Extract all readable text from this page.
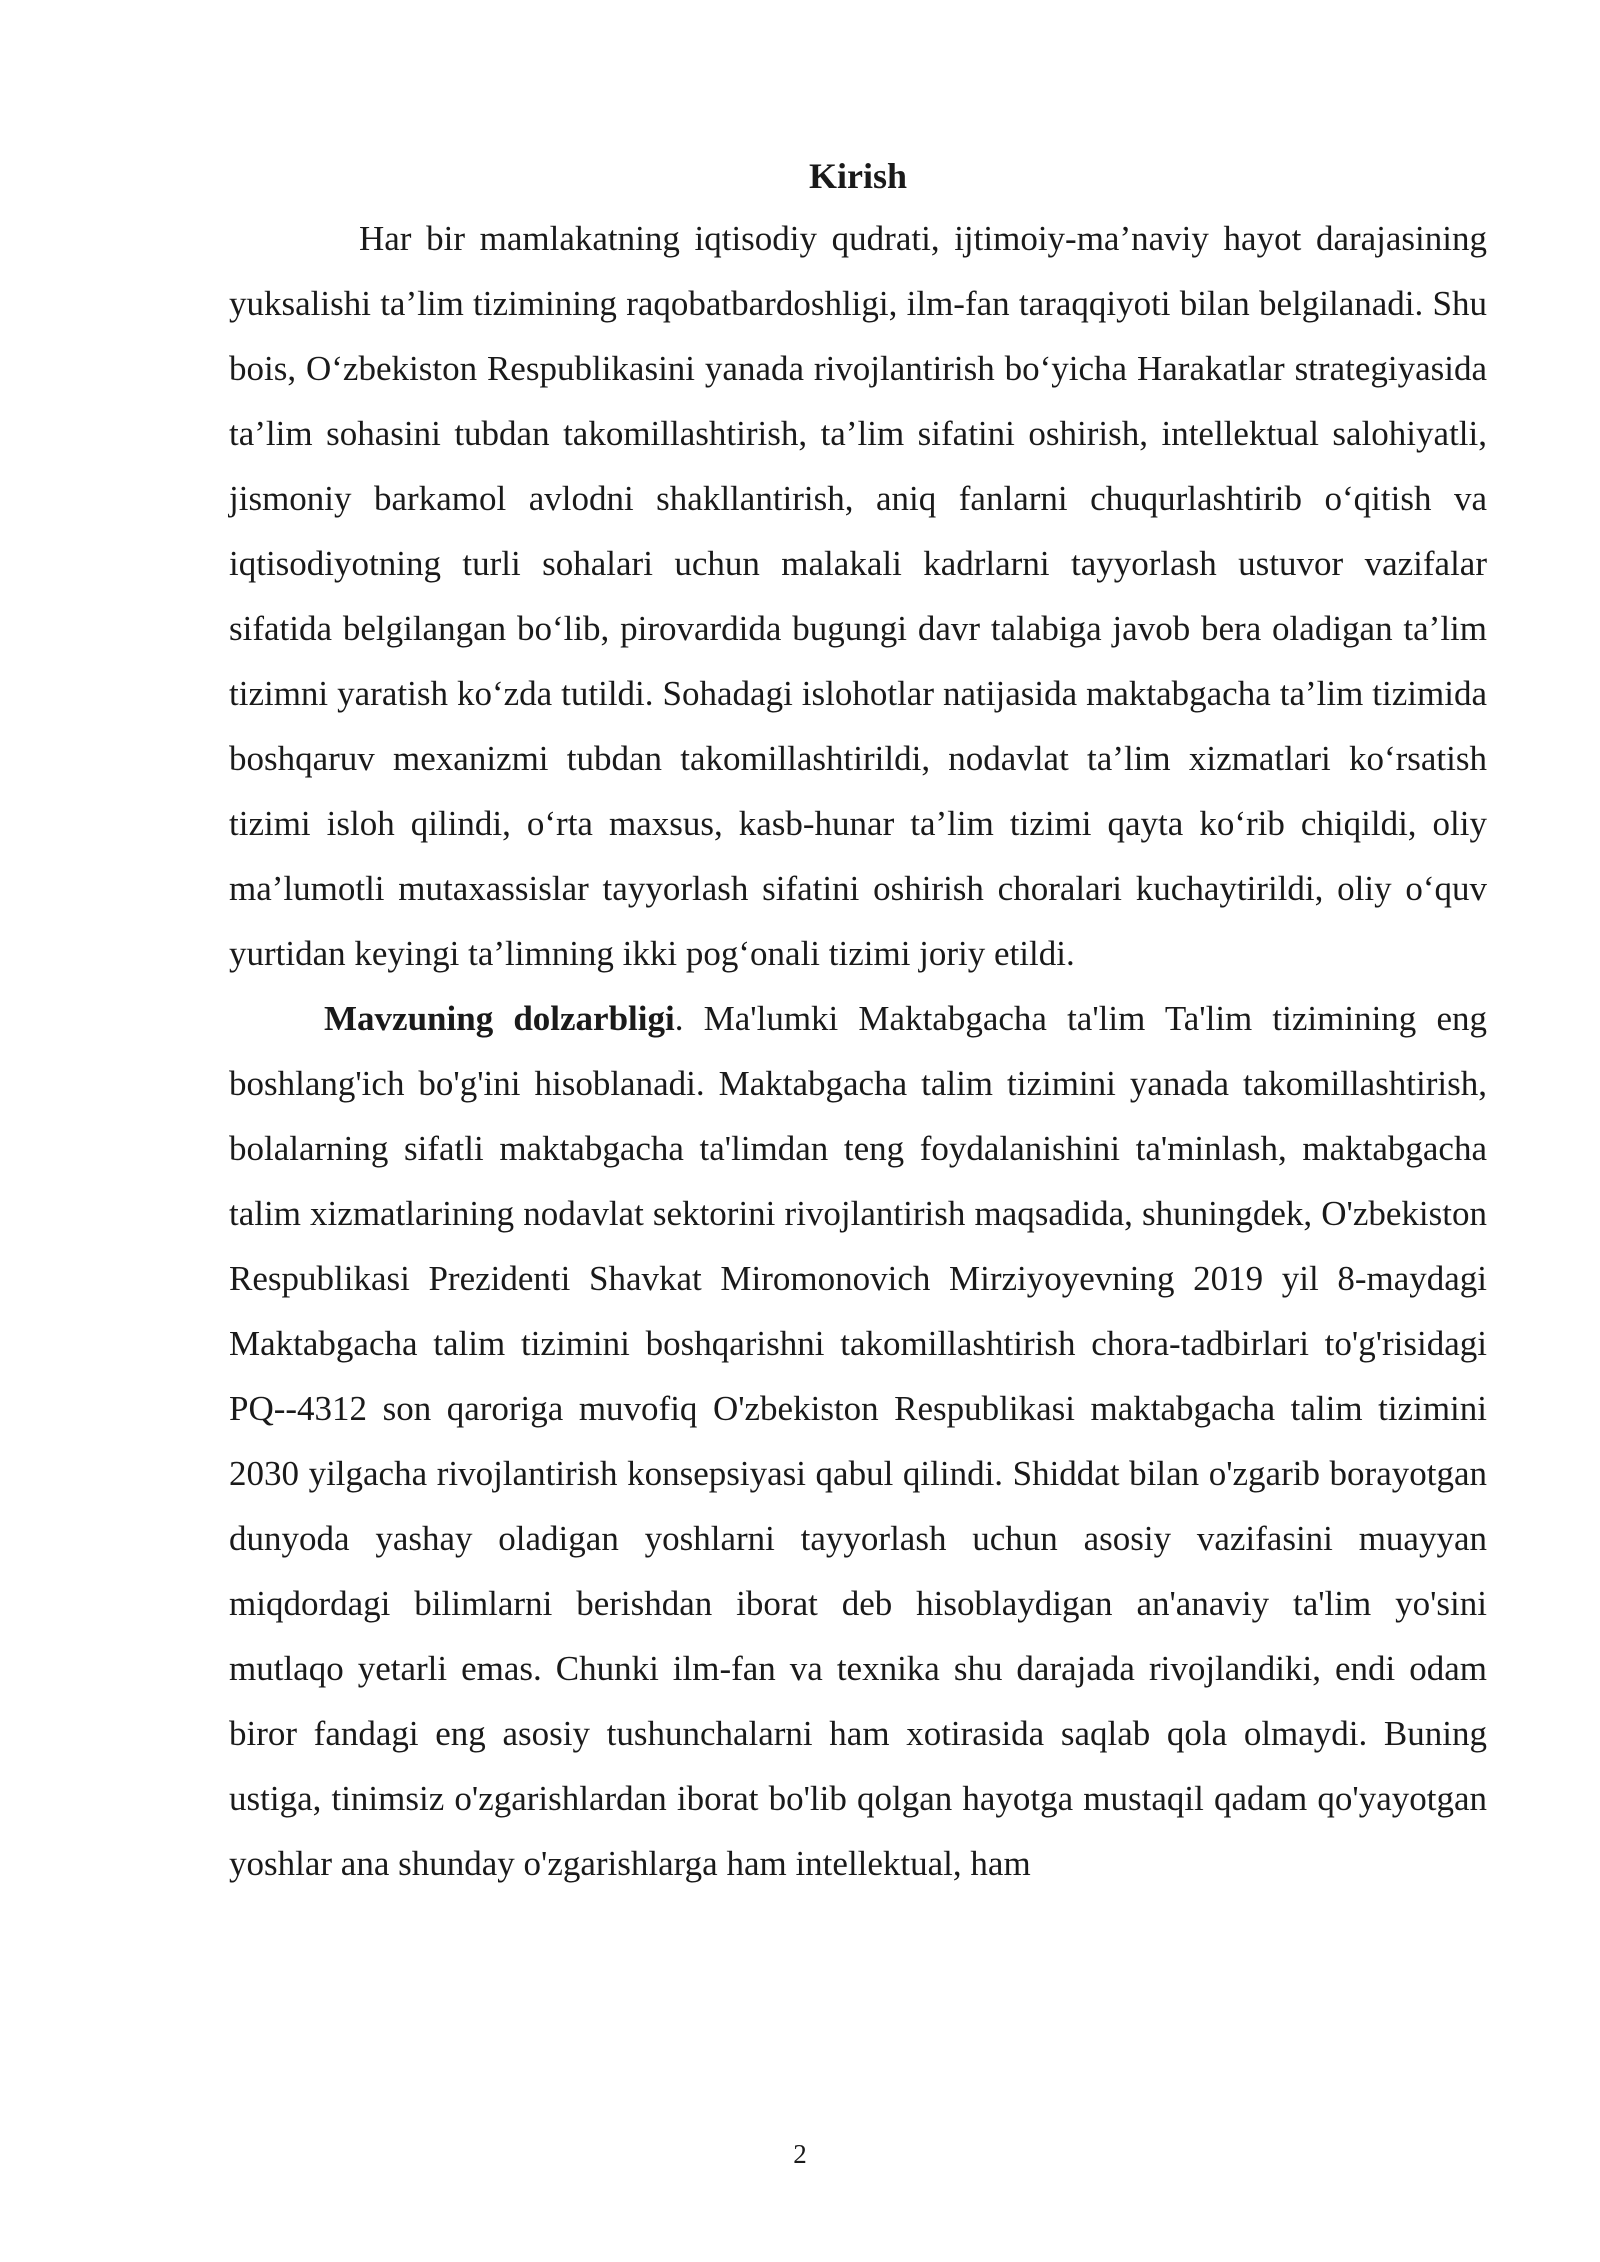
Kirish

Har bir mamlakatning iqtisodiy qudrati, ijtimoiy-ma’naviy hayot darajasining yuksalishi ta’lim tizimining raqobatbardoshligi, ilm-fan taraqqiyoti bilan belgilanadi. Shu bois, O‘zbekiston Respublikasini yanada rivojlantirish bo‘yicha Harakatlar strategiyasida ta’lim sohasini tubdan takomillashtirish, ta’lim sifatini oshirish, intellektual salohiyatli, jismoniy barkamol avlodni shakllantirish, aniq fanlarni chuqurlashtirib o‘qitish va iqtisodiyotning turli sohalari uchun malakali kadrlarni tayyorlash ustuvor vazifalar sifatida belgilangan bo‘lib, pirovardida bugungi davr talabiga javob bera oladigan ta’lim tizimni yaratish ko‘zda tutildi. Sohadagi islohotlar natijasida maktabgacha ta’lim tizimida boshqaruv mexanizmi tubdan takomillashtirildi, nodavlat ta’lim xizmatlari ko‘rsatish tizimi isloh qilindi, o‘rta maxsus, kasb-hunar ta’lim tizimi qayta ko‘rib chiqildi, oliy ma’lumotli mutaxassislar tayyorlash sifatini oshirish choralari kuchaytirildi, oliy o‘quv yurtidan keyingi ta’limning ikki pog‘onali tizimi joriy etildi.

Mavzuning dolzarbligi. Ma'lumki Maktabgacha ta'lim Ta'lim tizimining eng boshlang'ich bo'g'ini hisoblanadi. Maktabgacha talim tizimini yanada takomillashtirish, bolalarning sifatli maktabgacha ta'limdan teng foydalanishini ta'minlash, maktabgacha talim xizmatlarining nodavlat sektorini rivojlantirish maqsadida, shuningdek, O'zbekiston Respublikasi Prezidenti Shavkat Miromonovich Mirziyoyevning 2019 yil 8-maydagi Maktabgacha talim tizimini boshqarishni takomillashtirish chora-tadbirlari to'g'risidagi PQ--4312 son qaroriga muvofiq O'zbekiston Respublikasi maktabgacha talim tizimini 2030 yilgacha rivojlantirish konsepsiyasi qabul qilindi. Shiddat bilan o'zgarib borayotgan dunyoda yashay oladigan yoshlarni tayyorlash uchun asosiy vazifasini muayyan miqdordagi bilimlarni berishdan iborat deb hisoblaydigan an'anaviy ta'lim yo'sini mutlaqo yetarli emas. Chunki ilm-fan va texnika shu darajada rivojlandiki, endi odam biror fandagi eng asosiy tushunchalarni ham xotirasida saqlab qola olmaydi. Buning ustiga, tinimsiz o'zgarishlardan iborat bo'lib qolgan hayotga mustaqil qadam qo'yayotgan yoshlar ana shunday o'zgarishlarga ham intellektual, ham

2
